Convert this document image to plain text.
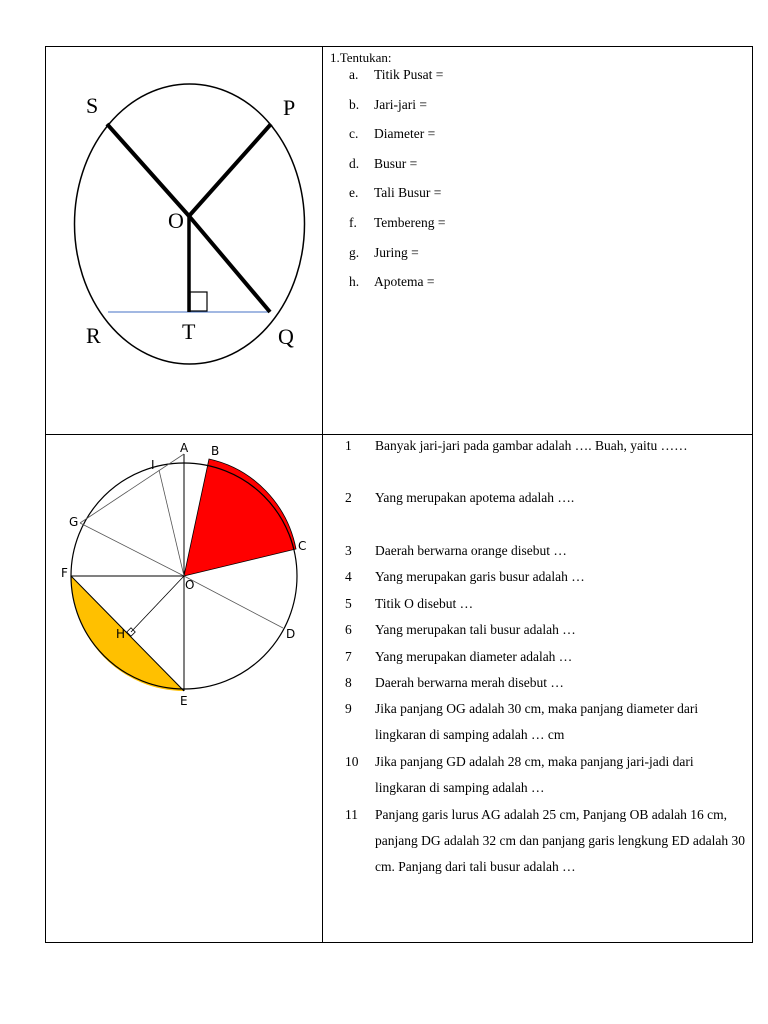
S	P
O
R	T	Q
1.Tentukan:
a.	Titik Pusat =
b.	Jari-jari =
c.	Diameter =
d.	Busur =
e.	Tali Busur =
f.	Tembereng =
g.	Juring =
h.	Apotema =
A B
I
G
C
F
O
H	D
E
1	Banyak jari-jari pada gambar adalah …. Buah, yaitu ……
2	Yang merupakan apotema adalah ….
3	Daerah berwarna orange disebut …
4	Yang merupakan garis busur adalah …
5	Titik O disebut …
6	Yang merupakan tali busur adalah …
7	Yang merupakan diameter adalah …
8	Daerah berwarna merah disebut …
9	Jika panjang OG adalah 30 cm, maka panjang diameter dari lingkaran di samping adalah … cm
10	Jika panjang GD adalah 28 cm, maka panjang jari-jadi dari lingkaran di samping adalah …
11	Panjang garis lurus AG adalah 25 cm, Panjang OB adalah 16 cm, panjang DG adalah 32 cm dan panjang garis lengkung ED adalah 30 cm. Panjang dari tali busur adalah …
